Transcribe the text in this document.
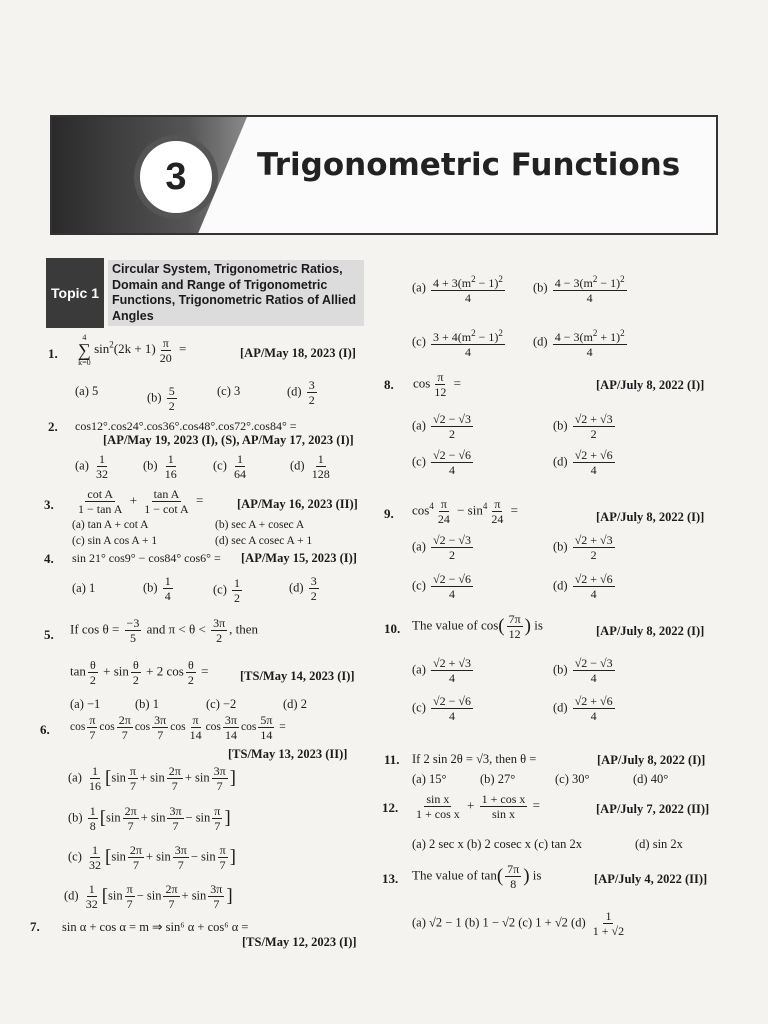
3	Trigonometric Functions
Topic 1
Circular System, Trigonometric Ratios, Domain and Range of Trigonometric Functions, Trigonometric Ratios of Allied Angles
1.
4
∑
k=0 $\sin^2(2k + 1) \frac{\pi}{20}$ =	[AP/May 18, 2023 (I)]
(a) 5	$(b) \frac{5}{2}$	(c) 3	$(d) \frac{3}{2}$
2. cos12°.cos24°.cos36°.cos48°.cos72°.cos84° =
[AP/May 19, 2023 (I), (S), AP/May 17, 2023 (I)]
$(a) \frac{1}{32}$	$(b) \frac{1}{16}$	$(c) \frac{1}{64}$	$(d) \frac{1}{128}$
3. $\frac{\text{cot A}}{\text{1 − tan A}} + \frac{\text{tan A}}{\text{1 − cot A}}$ =	[AP/May 16, 2023 (II)]
(a) tan A + cot A	(b) sec A + cosec A
(c) sin A cos A + 1	(d) sec A cosec A + 1
4. sin 21° cos9° − cos84° cos6° = [AP/May 15, 2023 (I)]
(a) 1	$(b) \frac{1}{4}$	$(c) \frac{1}{2}$	$(d) \frac{3}{2}$
5. If $\cos \theta = \frac{-3}{5}$ and $\pi < \theta < \frac{3\pi}{2}$ , then
$\tan \frac{\theta}{2} + \sin \frac{\theta}{2} + 2$ $\cos \frac{\theta}{2}$ =	[TS/May 14, 2023 (I)]
(a) −1	(b) 1	(c) −2	(d) 2
6. $\cos \frac{\pi}{7}$ $\cos \frac{2\pi}{7}$ $\cos \frac{3\pi}{7}$ $\cos \frac{\pi}{14}$ $\cos \frac{3\pi}{14}$ $\cos \frac{5\pi}{14}$ =
[TS/May 13, 2023 (II)]
$(a) \frac{1}{16} [\sin \frac{\pi}{7} + \sin \frac{2\pi}{7} + \sin \frac{3\pi}{7}$ ]
$(b) \frac{1}{8} [\sin \frac{2\pi}{7} + \sin \frac{3\pi}{7} - \sin \frac{\pi}{7}$ ]
$(c) \frac{1}{32} [\sin \frac{2\pi}{7} + \sin \frac{3\pi}{7} - \sin \frac{\pi}{7}$ ]
$(d) \frac{1}{32} [\sin \frac{\pi}{7} - \sin \frac{2\pi}{7} + \sin \frac{3\pi}{7}$ ]
7. sin α + cos α = m ⇒ sin⁶ α + cos⁶ α =
[TS/May 12, 2023 (I)]
$(a) \frac{4 + 3(m^2 - 1)^2}{4} (b) \frac{4 - 3(m^2 - 1)^2}{4}$
$(c) \frac{3 + 4(m^2 - 1)^2}{4} (d) \frac{4 - 3(m^2 + 1)^2}{4}$
8. $\cos \frac{\pi}{12}$ =	[AP/July 8, 2022 (I)]
$(a) \frac{√2 - √3}{2}$	$(b) \frac{√2 + √3}{2}$
$(c) \frac{√2 - √6}{4}$	$(d) \frac{√2 + √6}{4}$
9. $\cos^4 \frac{\pi}{24} - \sin^4 \frac{\pi}{24}$ =	[AP/July 8, 2022 (I)]
$(a) \frac{√2 - √3}{2}$	$(b) \frac{√2 + √3}{2}$
$(c) \frac{√2 - √6}{4}$	$(d) \frac{√2 + √6}{4}$
10. The value of $\cos( \frac{7\pi}{12}$ ) is	[AP/July 8, 2022 (I)]
$(a) \frac{√2 + √3}{4}$	$(b) \frac{√2 - √3}{4}$
$(c) \frac{√2 - √6}{4}$	$(d) \frac{√2 + √6}{4}$
11. If 2 sin 2θ = √3, then θ =	[AP/July 8, 2022 (I)]
(a) 15°	(b) 27°	(c) 30°	(d) 40°
12. $\frac{\text{sin x}}{\text{1 + cos x}} + \frac{\text{1 + cos x}}{\text{sin x}}$ =	[AP/July 7, 2022 (II)]
(a) 2 sec x (b) 2 cosec x (c) tan 2x	(d) sin 2x
13. The value of $\tan( \frac{7\pi}{8}$ ) is	[AP/July 4, 2022 (II)]
(a) √2 − 1 (b) 1 − √2 (c) 1 + √2 $(d) \frac{1}{1 + √2}$
